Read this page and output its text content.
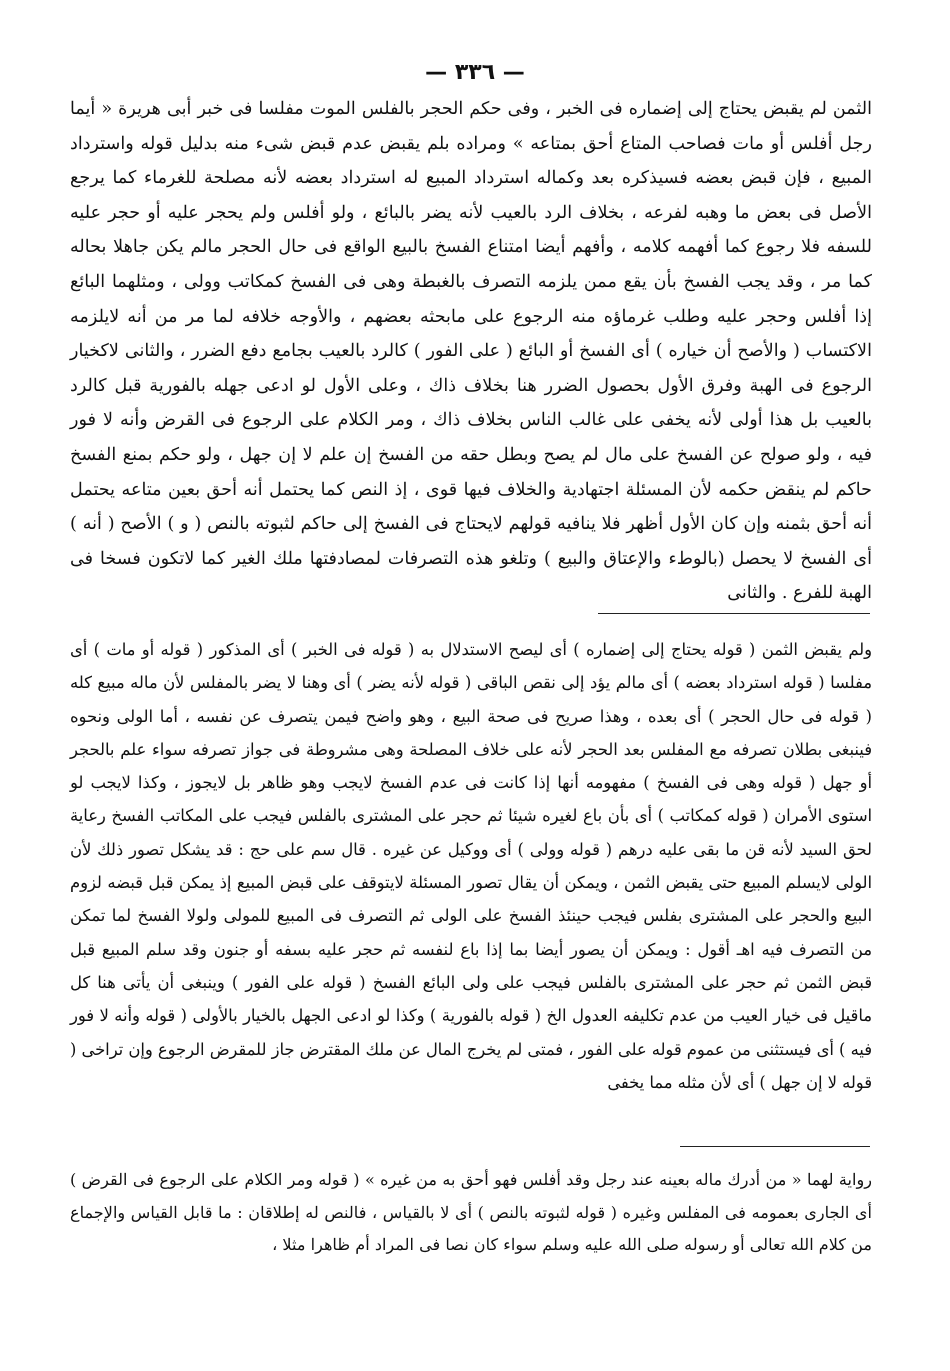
— ٣٣٦ —

الثمن لم يقبض يحتاج إلى إضماره فى الخبر ، وفى حكم الحجر بالفلس الموت مفلسا فى خبر أبى هريرة « أيما رجل أفلس أو مات فصاحب المتاع أحق بمتاعه » ومراده بلم يقبض عدم قبض شىء منه بدليل قوله واسترداد المبيع ، فإن قبض بعضه فسيذكره بعد وكماله استرداد المبيع له استرداد بعضه لأنه مصلحة للغرماء كما يرجع الأصل فى بعض ما وهبه لفرعه ، بخلاف الرد بالعيب لأنه يضر بالبائع ، ولو أفلس ولم يحجر عليه أو حجر عليه للسفه فلا رجوع كما أفهمه كلامه ، وأفهم أيضا امتناع الفسخ بالبيع الواقع فى حال الحجر مالم يكن جاهلا بحاله كما مر ، وقد يجب الفسخ بأن يقع ممن يلزمه التصرف بالغبطة وهى فى الفسخ كمكاتب وولى ، ومثلهما البائع إذا أفلس وحجر عليه وطلب غرماؤه منه الرجوع على مابحثه بعضهم ، والأوجه خلافه لما مر من أنه لايلزمه الاكتساب ( والأصح أن خياره ) أى الفسخ أو البائع ( على الفور ) كالرد بالعيب بجامع دفع الضرر ، والثانى لاكخيار الرجوع فى الهبة وفرق الأول بحصول الضرر هنا بخلاف ذاك ، وعلى الأول لو ادعى جهله بالفورية قبل كالرد بالعيب بل هذا أولى لأنه يخفى على غالب الناس بخلاف ذاك ، ومر الكلام على الرجوع فى القرض وأنه لا فور فيه ، ولو صولح عن الفسخ على مال لم يصح وبطل حقه من الفسخ إن علم لا إن جهل ، ولو حكم بمنع الفسخ حاكم لم ينقض حكمه لأن المسئلة اجتهادية والخلاف فيها قوى ، إذ النص كما يحتمل أنه أحق بعين متاعه يحتمل أنه أحق بثمنه وإن كان الأول أظهر فلا ينافيه قولهم لايحتاج فى الفسخ إلى حاكم لثبوته بالنص ( و ) الأصح ( أنه ) أى الفسخ لا يحصل (بالوطء والإعتاق والبيع ) وتلغو هذه التصرفات لمصادفتها ملك الغير كما لاتكون فسخا فى الهبة للفرع . والثانى

ولم يقبض الثمن ( قوله يحتاج إلى إضماره ) أى ليصح الاستدلال به ( قوله فى الخبر ) أى المذكور ( قوله أو مات ) أى مفلسا ( قوله استرداد بعضه ) أى مالم يؤد إلى نقص الباقى ( قوله لأنه يضر ) أى وهنا لا يضر بالمفلس لأن ماله مبيع كله ( قوله فى حال الحجر ) أى بعده ، وهذا صريح فى صحة البيع ، وهو واضح فيمن يتصرف عن نفسه ، أما الولى ونحوه فينبغى بطلان تصرفه مع المفلس بعد الحجر لأنه على خلاف المصلحة وهى مشروطة فى جواز تصرفه سواء علم بالحجر أو جهل ( قوله وهى فى الفسخ ) مفهومه أنها إذا كانت فى عدم الفسخ لايجب وهو ظاهر بل لايجوز ، وكذا لايجب لو استوى الأمران ( قوله كمكاتب ) أى بأن باع لغيره شيئا ثم حجر على المشترى بالفلس فيجب على المكاتب الفسخ رعاية لحق السيد لأنه قن ما بقى عليه درهم ( قوله وولى ) أى ووكيل عن غيره . قال سم على حج : قد يشكل تصور ذلك لأن الولى لايسلم المبيع حتى يقبض الثمن ، ويمكن أن يقال تصور المسئلة لايتوقف على قبض المبيع إذ يمكن قبل قبضه لزوم البيع والحجر على المشترى بفلس فيجب حينئذ الفسخ على الولى ثم التصرف فى المبيع للمولى ولولا الفسخ لما تمكن من التصرف فيه اهـ أقول : ويمكن أن يصور أيضا بما إذا باع لنفسه ثم حجر عليه بسفه أو جنون وقد سلم المبيع قبل قبض الثمن ثم حجر على المشترى بالفلس فيجب على ولى البائع الفسخ ( قوله على الفور ) وينبغى أن يأتى هنا كل ماقيل فى خيار العيب من عدم تكليفه العدول الخ ( قوله بالفورية ) وكذا لو ادعى الجهل بالخيار بالأولى ( قوله وأنه لا فور فيه ) أى فيستثنى من عموم قوله على الفور ، فمتى لم يخرج المال عن ملك المقترض جاز للمقرض الرجوع وإن تراخى ( قوله لا إن جهل ) أى لأن مثله مما يخفى

رواية لهما « من أدرك ماله بعينه عند رجل وقد أفلس فهو أحق به من غيره » ( قوله ومر الكلام على الرجوع فى القرض ) أى الجارى بعمومه فى المفلس وغيره ( قوله لثبوته بالنص ) أى لا بالقياس ، فالنص له إطلاقان : ما قابل القياس والإجماع من كلام الله تعالى أو رسوله صلى الله عليه وسلم سواء كان نصا فى المراد أم ظاهرا مثلا ،
